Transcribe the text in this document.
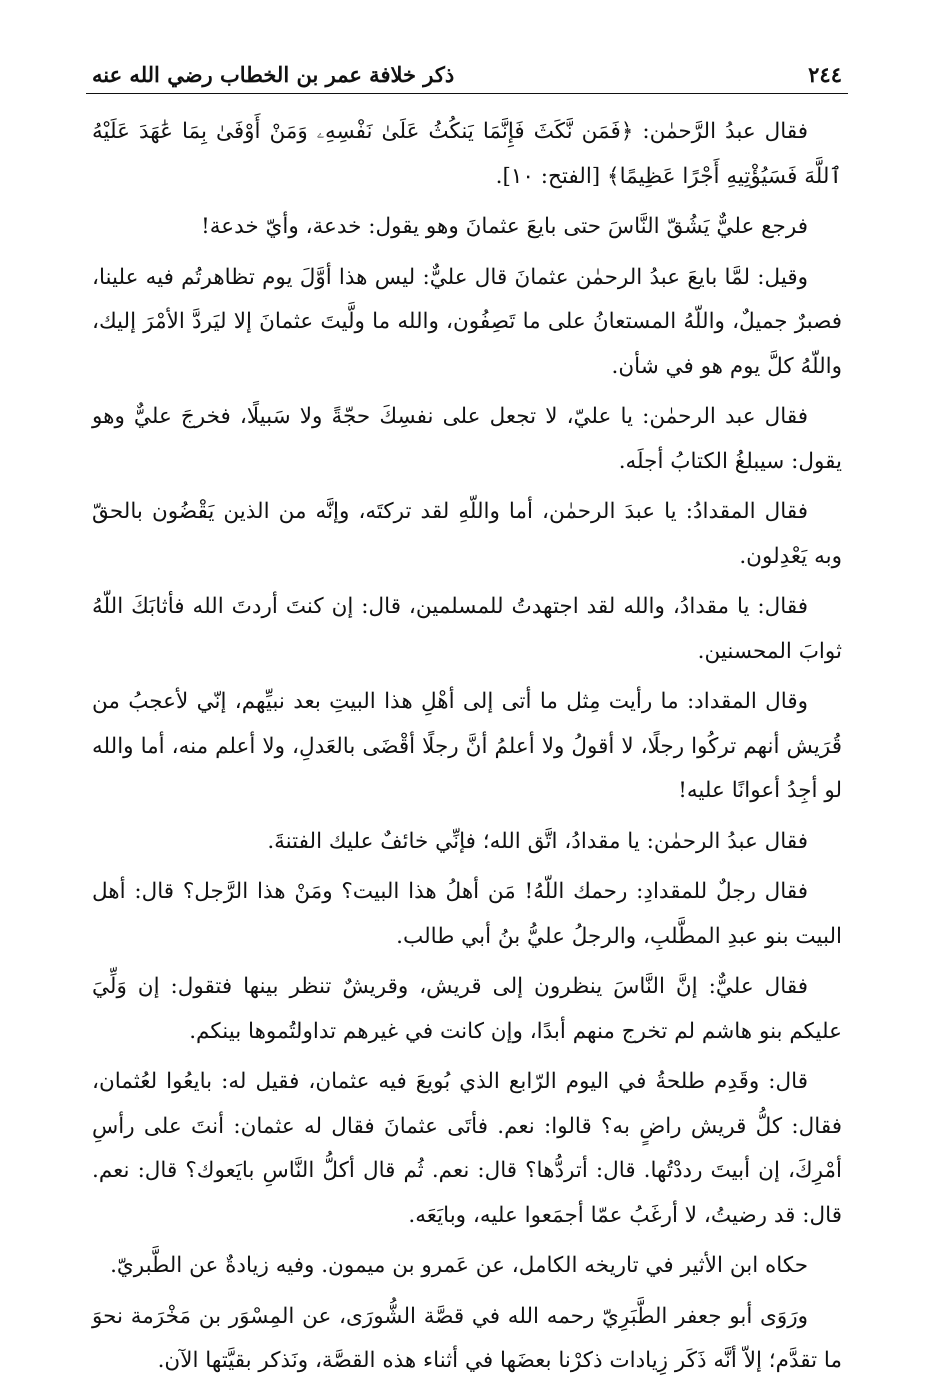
٢٤٤
ذكر خلافة عمر بن الخطاب رضي الله عنه

فقال عبدُ الرَّحمٰن: ﴿فَمَن نَّكَثَ فَإِنَّمَا يَنكُثُ عَلَىٰ نَفْسِهِۦ وَمَنْ أَوْفَىٰ بِمَا عَٰهَدَ عَلَيْهُ ٱللَّهَ فَسَيُؤْتِيهِ أَجْرًا عَظِيمًا﴾ [الفتح: ١٠].

فرجع عليٌّ يَشُقّ النَّاسَ حتى بايعَ عثمانَ وهو يقول: خدعة، وأيّ خدعة!

وقيل: لمَّا بايعَ عبدُ الرحمٰن عثمانَ قال عليٌّ: ليس هذا أوَّلَ يوم تظاهرتُم فيه علينا، فصبرٌ جميلٌ، واللّهُ المستعانُ على ما تَصِفُون، والله ما ولَّيتَ عثمانَ إلا ليَردَّ الأمْرَ إليك، واللّهُ كلَّ يوم هو في شأن.

فقال عبد الرحمٰن: يا عليّ، لا تجعل على نفسِكَ حجّةً ولا سَبيلًا، فخرجَ عليٌّ وهو يقول: سيبلغُ الكتابُ أجلَه.

فقال المقدادُ: يا عبدَ الرحمٰن، أما واللّهِ لقد تركتَه، وإنَّه من الذين يَقْضُون بالحقّ وبه يَعْدِلون.

فقال: يا مقدادُ، والله لقد اجتهدتُ للمسلمين، قال: إن كنتَ أردتَ الله فأثابَكَ اللّهُ ثوابَ المحسنين.

وقال المقداد: ما رأيت مِثل ما أتى إلى أهْلِ هذا البيتِ بعد نبيِّهم، إنّي لأعجبُ من قُرَيش أنهم تركُوا رجلًا، لا أقولُ ولا أعلمُ أنَّ رجلًا أقْضَى بالعَدلِ، ولا أعلم منه، أما والله لو أجِدُ أعوانًا عليه!

فقال عبدُ الرحمٰن: يا مقدادُ، اتَّق الله؛ فإنِّي خائفٌ عليك الفتنةَ.

فقال رجلٌ للمقدادِ: رحمك اللّهُ! مَن أهلُ هذا البيت؟ ومَنْ هذا الرَّجل؟ قال: أهل البيت بنو عبدِ المطَّلبِ، والرجلُ عليُّ بنُ أبي طالب.

فقال عليٌّ: إنَّ النَّاسَ ينظرون إلى قريش، وقريشٌ تنظر بينها فتقول: إن وَلِّيَ عليكم بنو هاشم لم تخرج منهم أبدًا، وإن كانت في غيرهم تداولتُموها بينكم.

قال: وقَدِم طلحةُ في اليوم الرّابع الذي بُويعَ فيه عثمان، فقيل له: بايعُوا لعُثمان، فقال: كلُّ قريش راضٍ به؟ قالوا: نعم. فأتَى عثمانَ فقال له عثمان: أنتَ على رأسِ أمْرِكَ، إن أبيتَ رددْتُها. قال: أتردُّها؟ قال: نعم. ثُم قال أكلُّ النَّاسِ بايَعوك؟ قال: نعم. قال: قد رضيتُ، لا أرغَبُ عمّا أجمَعوا عليه، وبايَعَه.

حكاه ابن الأثير في تاريخه الكامل، عن عَمرو بن ميمون. وفيه زيادةٌ عن الطَّبريّ.

ورَوَى أبو جعفر الطَّبَرِيّ رحمه الله في قصَّة الشُّورَى، عن المِسْوَر بن مَخْرَمة نحوَ ما تقدَّم؛ إلاّ أنَّه ذَكَر زِيادات ذكرْنا بعضَها في أثناء هذه القصَّة، ونَذكر بقيَّتها الآن.
